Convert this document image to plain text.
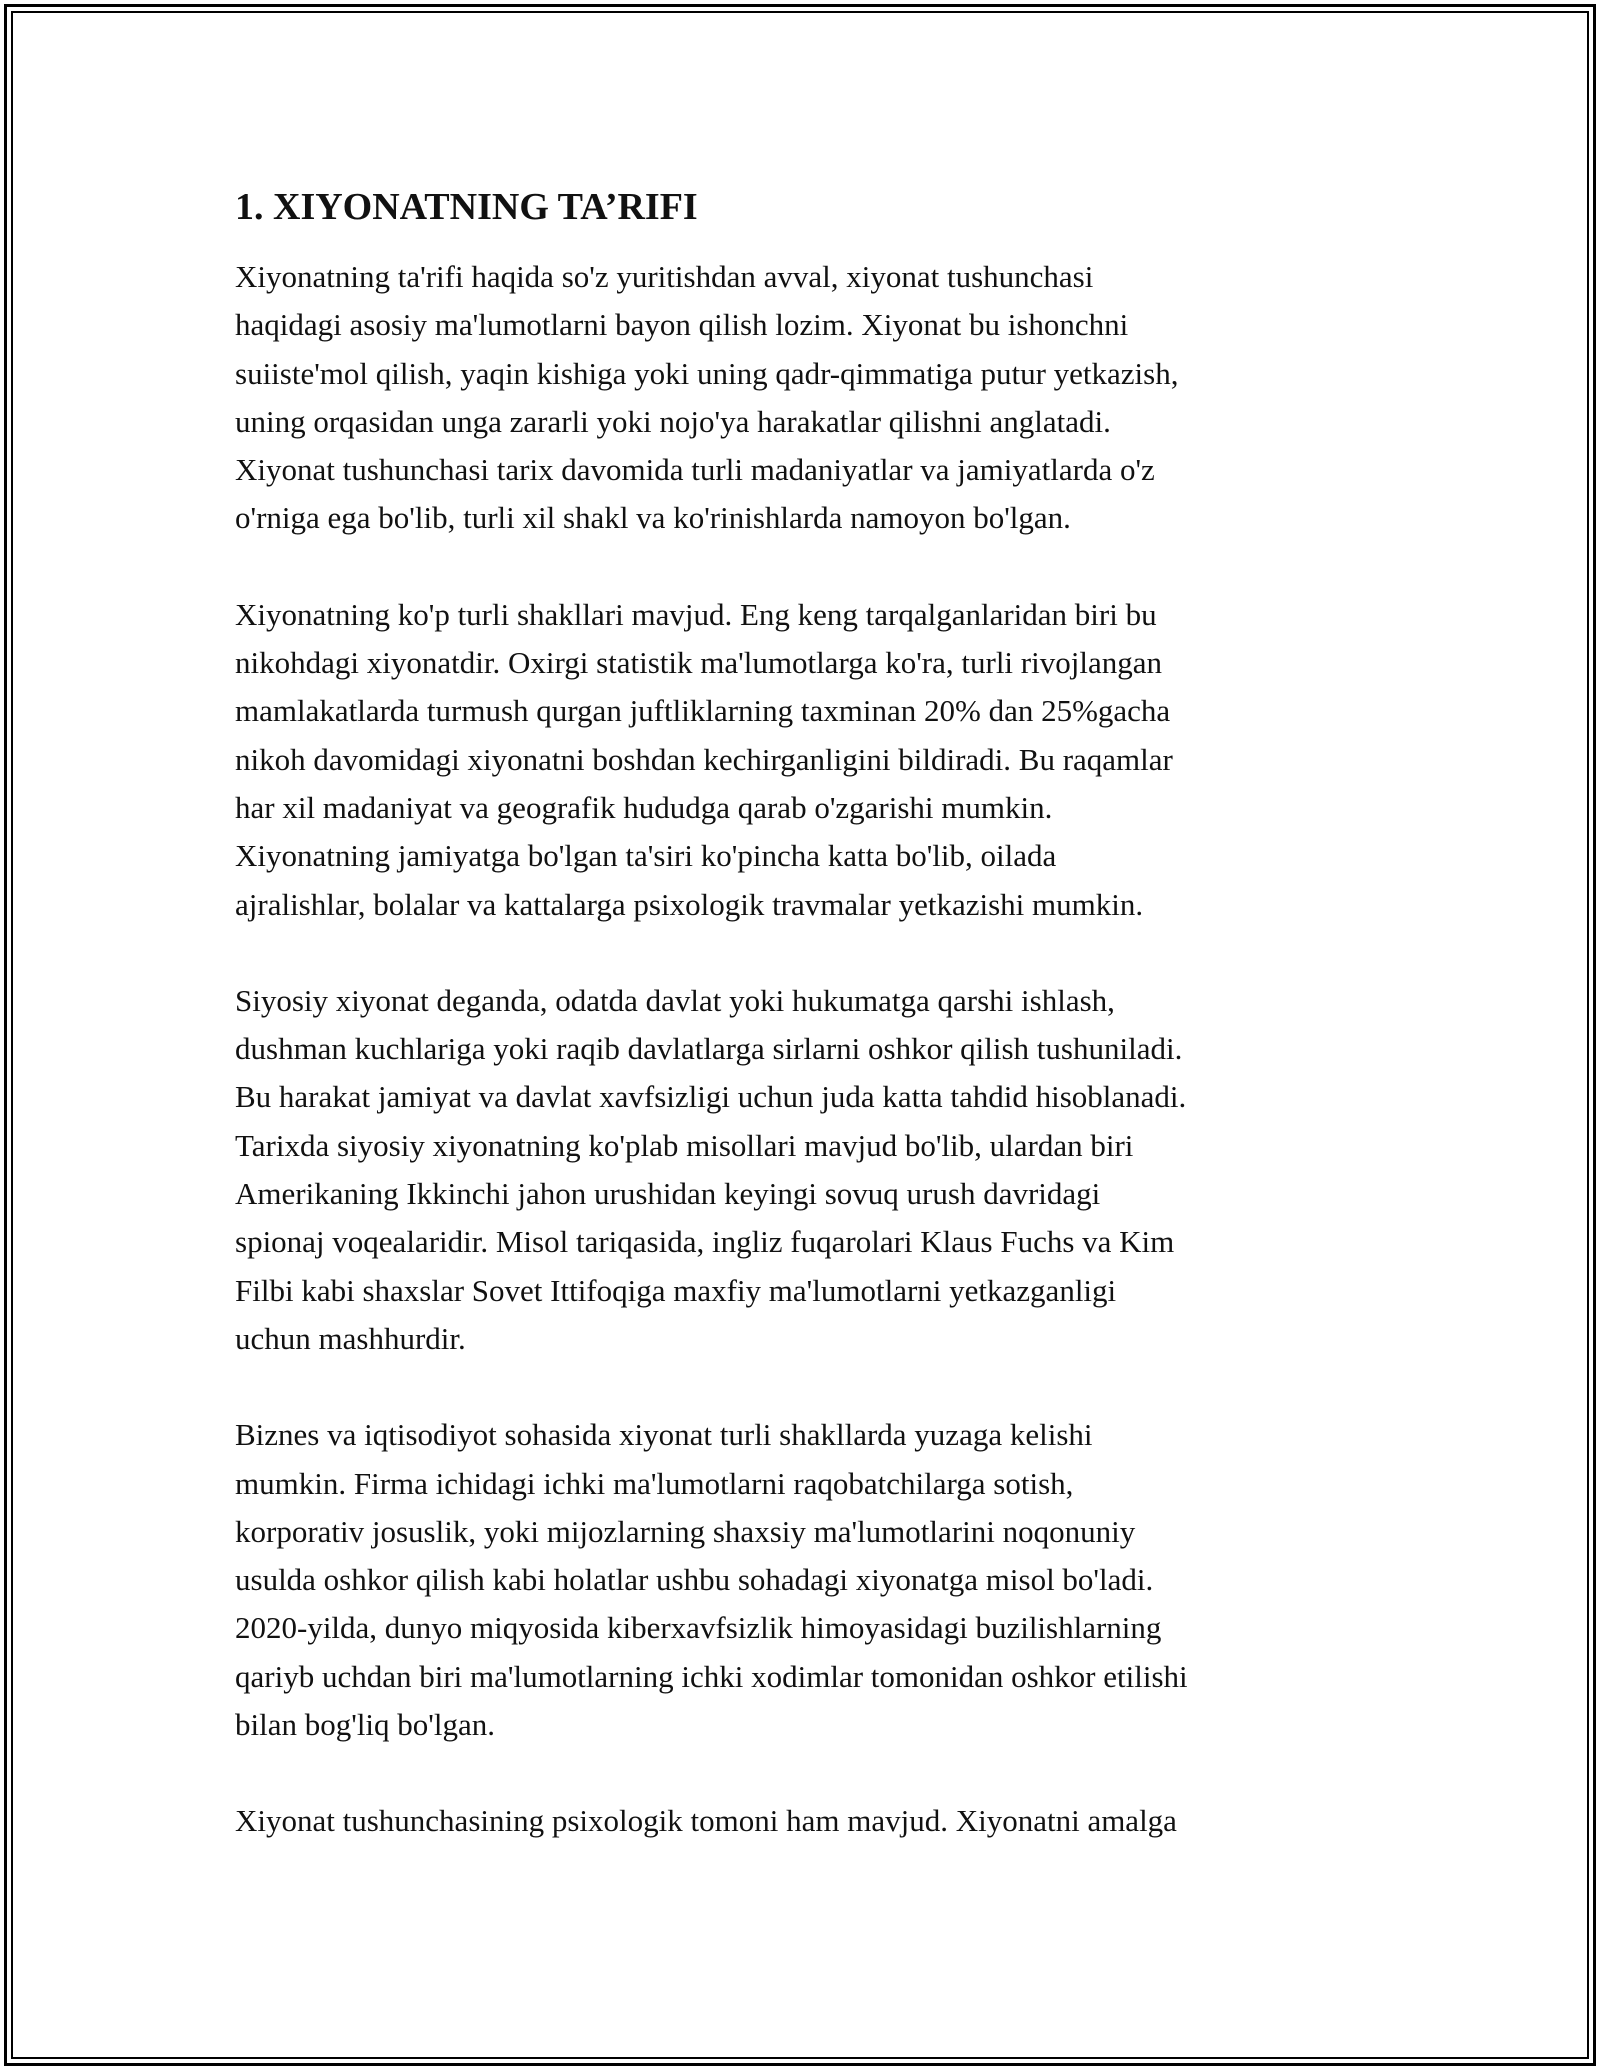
1. XIYONATNING TA’RIFI

Xiyonatning ta'rifi haqida so'z yuritishdan avval, xiyonat tushunchasi
haqidagi asosiy ma'lumotlarni bayon qilish lozim. Xiyonat bu ishonchni
suiiste'mol qilish, yaqin kishiga yoki uning qadr-qimmatiga putur yetkazish,
uning orqasidan unga zararli yoki nojo'ya harakatlar qilishni anglatadi.
Xiyonat tushunchasi tarix davomida turli madaniyatlar va jamiyatlarda o'z
o'rniga ega bo'lib, turli xil shakl va ko'rinishlarda namoyon bo'lgan.

Xiyonatning ko'p turli shakllari mavjud. Eng keng tarqalganlaridan biri bu
nikohdagi xiyonatdir. Oxirgi statistik ma'lumotlarga ko'ra, turli rivojlangan
mamlakatlarda turmush qurgan juftliklarning taxminan 20% dan 25%gacha
nikoh davomidagi xiyonatni boshdan kechirganligini bildiradi. Bu raqamlar
har xil madaniyat va geografik hududga qarab o'zgarishi mumkin.
Xiyonatning jamiyatga bo'lgan ta'siri ko'pincha katta bo'lib, oilada
ajralishlar, bolalar va kattalarga psixologik travmalar yetkazishi mumkin.

Siyosiy xiyonat deganda, odatda davlat yoki hukumatga qarshi ishlash,
dushman kuchlariga yoki raqib davlatlarga sirlarni oshkor qilish tushuniladi.
Bu harakat jamiyat va davlat xavfsizligi uchun juda katta tahdid hisoblanadi.
Tarixda siyosiy xiyonatning ko'plab misollari mavjud bo'lib, ulardan biri
Amerikaning Ikkinchi jahon urushidan keyingi sovuq urush davridagi
spionaj voqealaridir. Misol tariqasida, ingliz fuqarolari Klaus Fuchs va Kim
Filbi kabi shaxslar Sovet Ittifoqiga maxfiy ma'lumotlarni yetkazganligi
uchun mashhurdir.

Biznes va iqtisodiyot sohasida xiyonat turli shakllarda yuzaga kelishi
mumkin. Firma ichidagi ichki ma'lumotlarni raqobatchilarga sotish,
korporativ josuslik, yoki mijozlarning shaxsiy ma'lumotlarini noqonuniy
usulda oshkor qilish kabi holatlar ushbu sohadagi xiyonatga misol bo'ladi.
2020-yilda, dunyo miqyosida kiberxavfsizlik himoyasidagi buzilishlarning
qariyb uchdan biri ma'lumotlarning ichki xodimlar tomonidan oshkor etilishi
bilan bog'liq bo'lgan.

Xiyonat tushunchasining psixologik tomoni ham mavjud. Xiyonatni amalga
